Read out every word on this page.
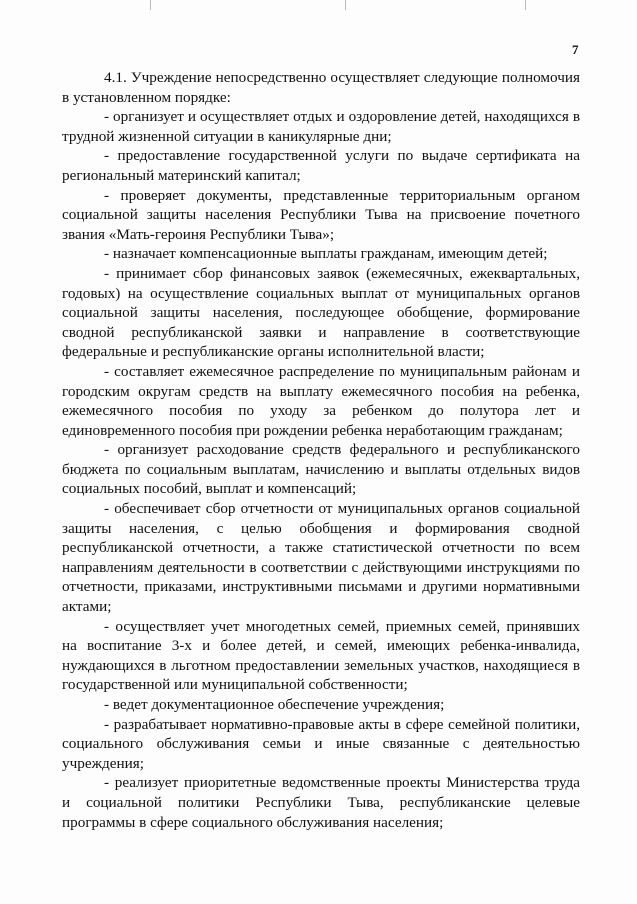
7

4.1. Учреждение непосредственно осуществляет следующие полномочия в установленном порядке:

- организует и осуществляет отдых и оздоровление детей, находящихся в трудной жизненной ситуации в каникулярные дни;

- предоставление государственной услуги по выдаче сертификата на региональный материнский капитал;

- проверяет документы, представленные территориальным органом социальной защиты населения Республики Тыва на присвоение почетного звания «Мать-героиня Республики Тыва»;

- назначает компенсационные выплаты гражданам, имеющим детей;

- принимает сбор финансовых заявок (ежемесячных, ежеквартальных, годовых) на осуществление социальных выплат от муниципальных органов социальной защиты населения, последующее обобщение, формирование сводной республиканской заявки и направление в соответствующие федеральные и республиканские органы исполнительной власти;

- составляет ежемесячное распределение по муниципальным районам и городским округам средств на выплату ежемесячного пособия на ребенка, ежемесячного пособия по уходу за ребенком до полутора лет и единовременного пособия при рождении ребенка неработающим гражданам;

- организует расходование средств федерального и республиканского бюджета по социальным выплатам, начислению и выплаты отдельных видов социальных пособий, выплат и компенсаций;

- обеспечивает сбор отчетности от муниципальных органов социальной защиты населения, с целью обобщения и формирования сводной республиканской отчетности, а также статистической отчетности по всем направлениям деятельности в соответствии с действующими инструкциями по отчетности, приказами, инструктивными письмами и другими нормативными актами;

- осуществляет учет многодетных семей, приемных семей, принявших на воспитание 3-х и более детей, и семей, имеющих ребенка-инвалида, нуждающихся в льготном предоставлении земельных участков, находящиеся в государственной или муниципальной собственности;

- ведет документационное обеспечение учреждения;

- разрабатывает нормативно-правовые акты в сфере семейной политики, социального обслуживания семьи и иные связанные с деятельностью учреждения;

- реализует приоритетные ведомственные проекты Министерства труда и социальной политики Республики Тыва, республиканские целевые программы в сфере социального обслуживания населения;
